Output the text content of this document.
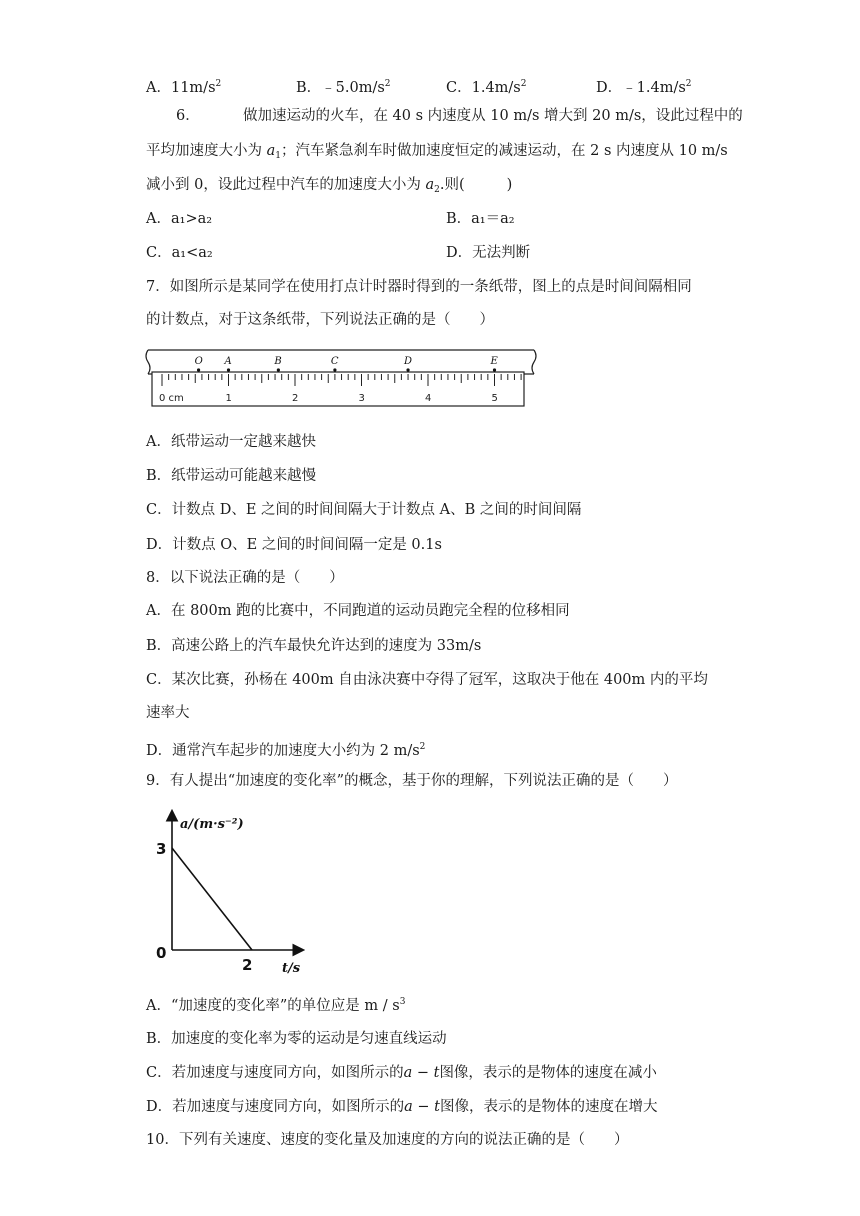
A．$11m/s^2$	B．$﹣5.0m/s^2$	C．$1.4m/s^2$	D．$﹣1.4m/s^2$
6．	做加速运动的火车，在 40 s 内速度从 10 m/s 增大到 20 m/s，设此过程中的
平均加速度大小为 $a_1$；汽车紧急刹车时做加速度恒定的减速运动，在 2 s 内速度从 10 m/s
减小到 0，设此过程中汽车的加速度大小为 $a_2$.则(	)
A．a₁>a₂	B．a₁＝a₂
C．a₁<a₂	D．无法判断
7．如图所示是某同学在使用打点计时器时得到的一条纸带，图上的点是时间间隔相同
的计数点，对于这条纸带，下列说法正确的是（　　）
0 cm	1	2	3	4	5
O A	B	C	D	E
A．纸带运动一定越来越快
B．纸带运动可能越来越慢
C．计数点 D、E 之间的时间间隔大于计数点 A、B 之间的时间间隔
D．计数点 O、E 之间的时间间隔一定是 0.1s
8．以下说法正确的是（　　）
A．在 800m 跑的比赛中，不同跑道的运动员跑完全程的位移相同
B．高速公路上的汽车最快允许达到的速度为 33m/s
C．某次比赛，孙杨在 400m 自由泳决赛中夺得了冠军，这取决于他在 400m 内的平均
速率大
D．通常汽车起步的加速度大小约为 2 $m/s^2$
9．有人提出“加速度的变化率”的概念，基于你的理解，下列说法正确的是（　　）
a/(m·s⁻²)
t/s
3
0
2
A．“加速度的变化率”的单位应是 m / $s^3$
B．加速度的变化率为零的运动是匀速直线运动
C．若加速度与速度同方向，如图所示的a − t图像，表示的是物体的速度在减小
D．若加速度与速度同方向，如图所示的a − t图像，表示的是物体的速度在增大
10．下列有关速度、速度的变化量及加速度的方向的说法正确的是（　　）
